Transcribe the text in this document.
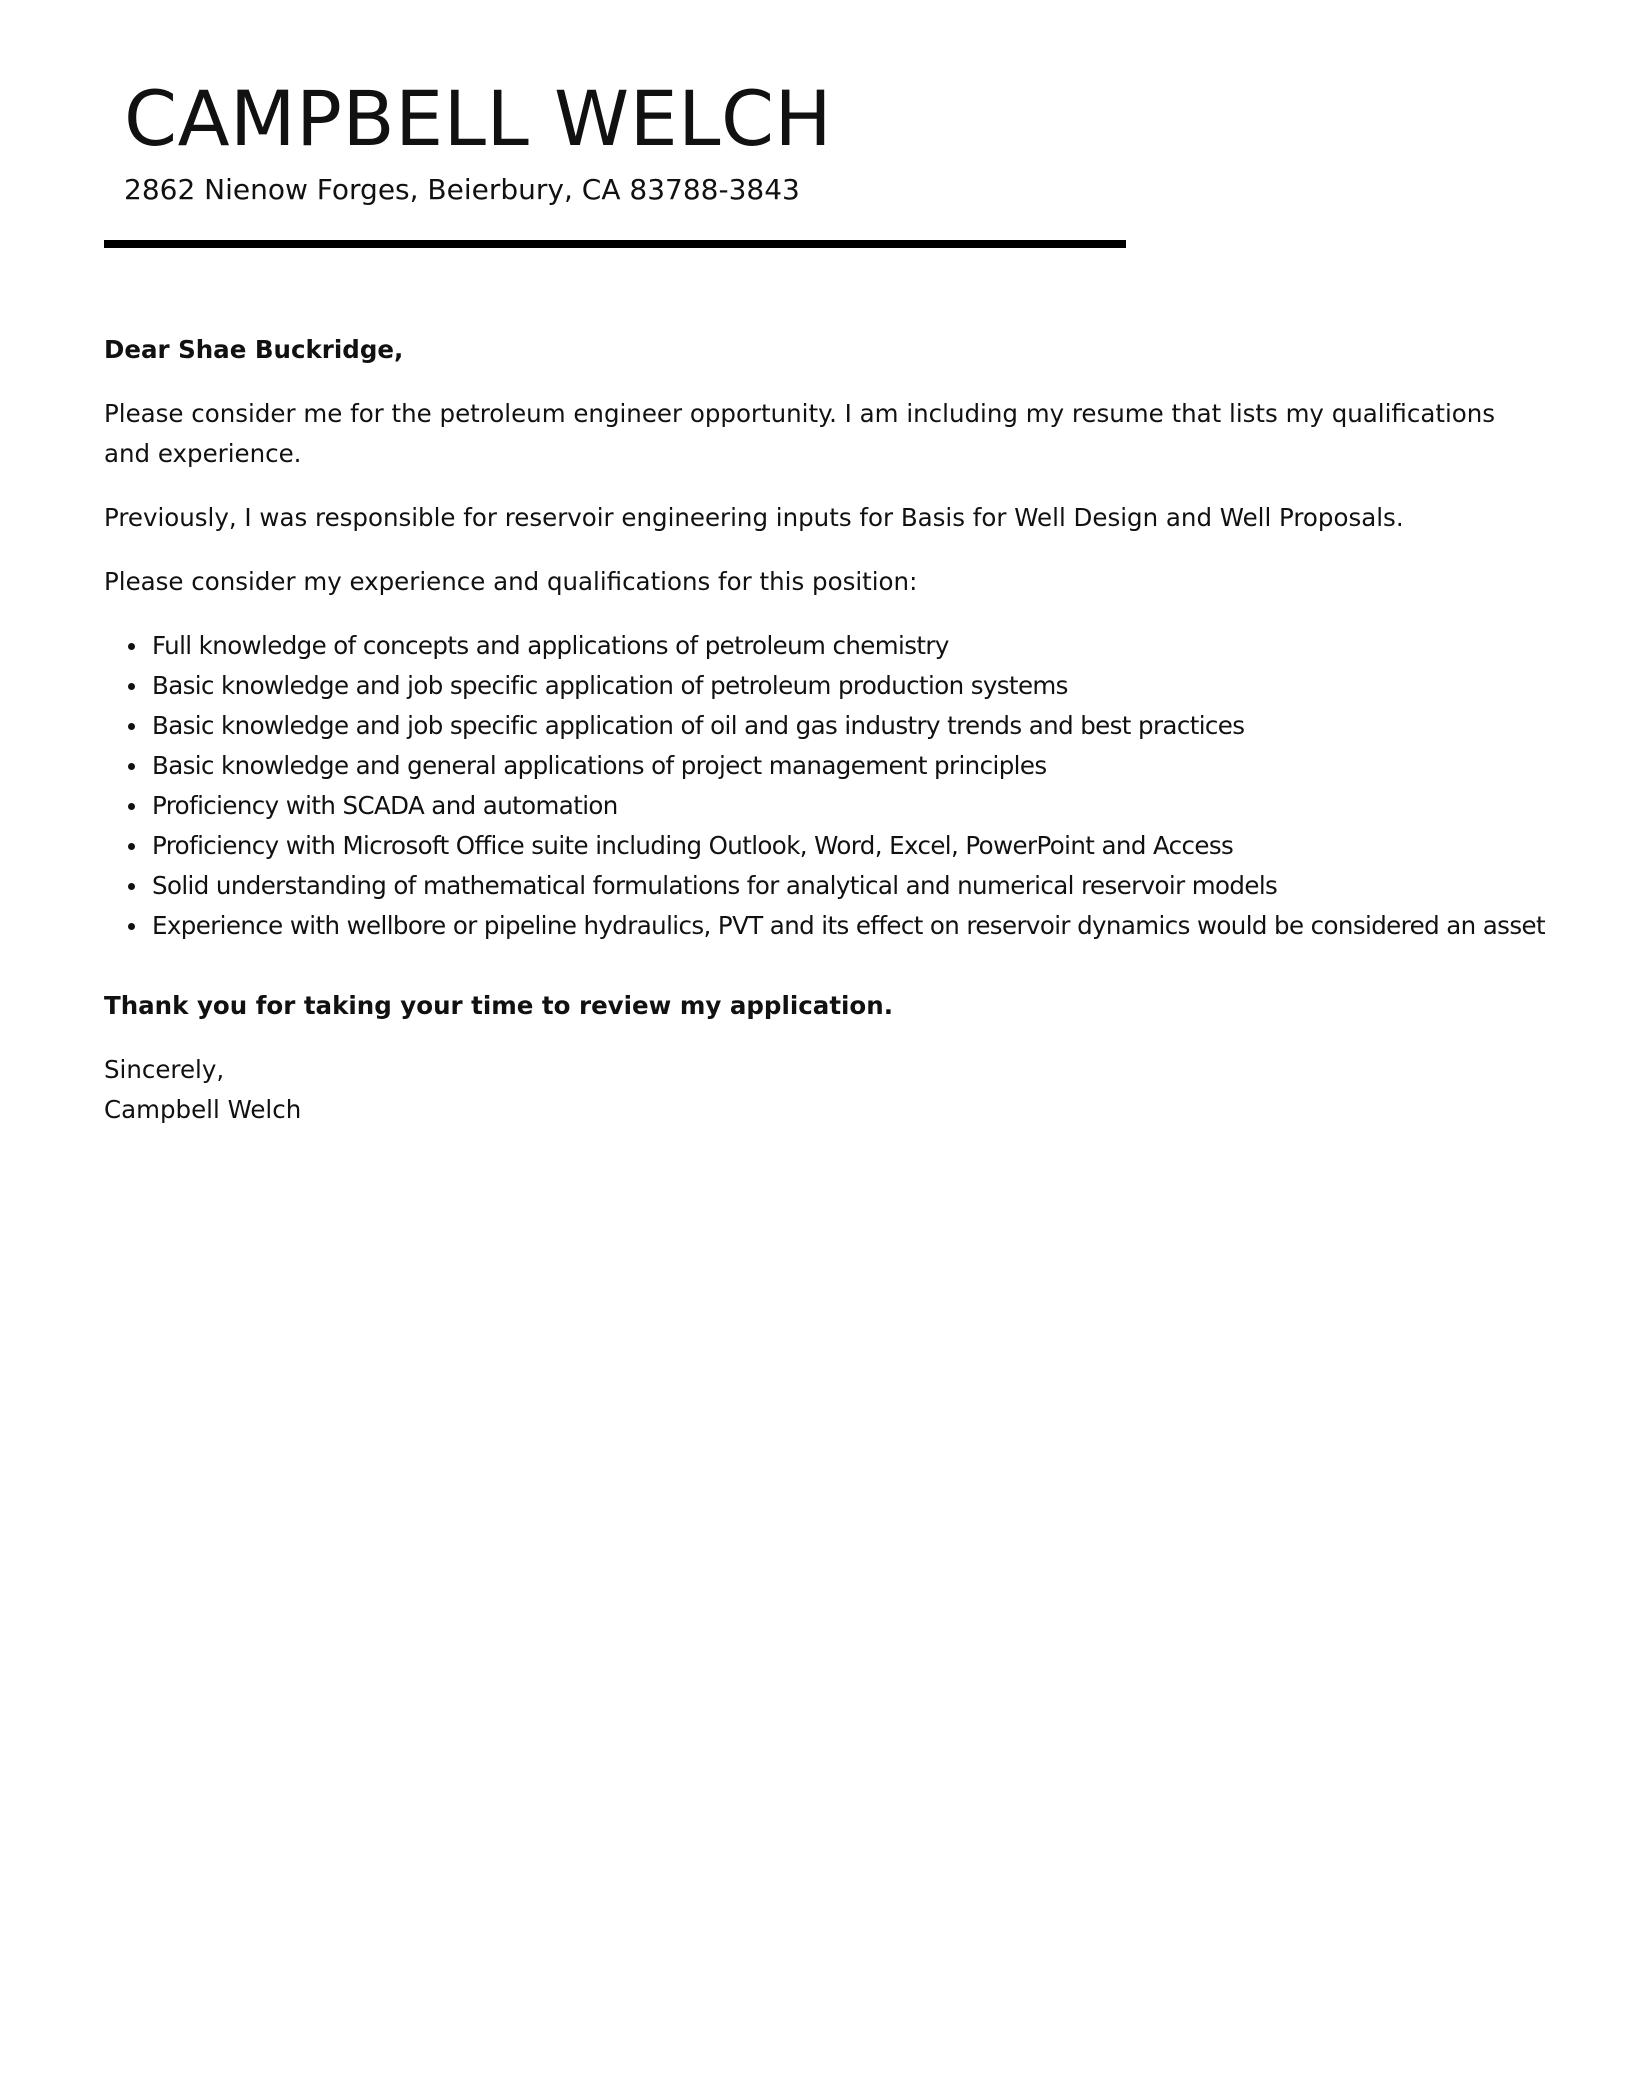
CAMPBELL WELCH

2862 Nienow Forges, Beierbury, CA 83788-3843

Dear Shae Buckridge,

Please consider me for the petroleum engineer opportunity. I am including my resume that lists my qualifications and experience.

Previously, I was responsible for reservoir engineering inputs for Basis for Well Design and Well Proposals.

Please consider my experience and qualifications for this position:

Full knowledge of concepts and applications of petroleum chemistry
Basic knowledge and job specific application of petroleum production systems
Basic knowledge and job specific application of oil and gas industry trends and best practices
Basic knowledge and general applications of project management principles
Proficiency with SCADA and automation
Proficiency with Microsoft Office suite including Outlook, Word, Excel, PowerPoint and Access
Solid understanding of mathematical formulations for analytical and numerical reservoir models
Experience with wellbore or pipeline hydraulics, PVT and its effect on reservoir dynamics would be considered an asset

Thank you for taking your time to review my application.

Sincerely,

Campbell Welch
